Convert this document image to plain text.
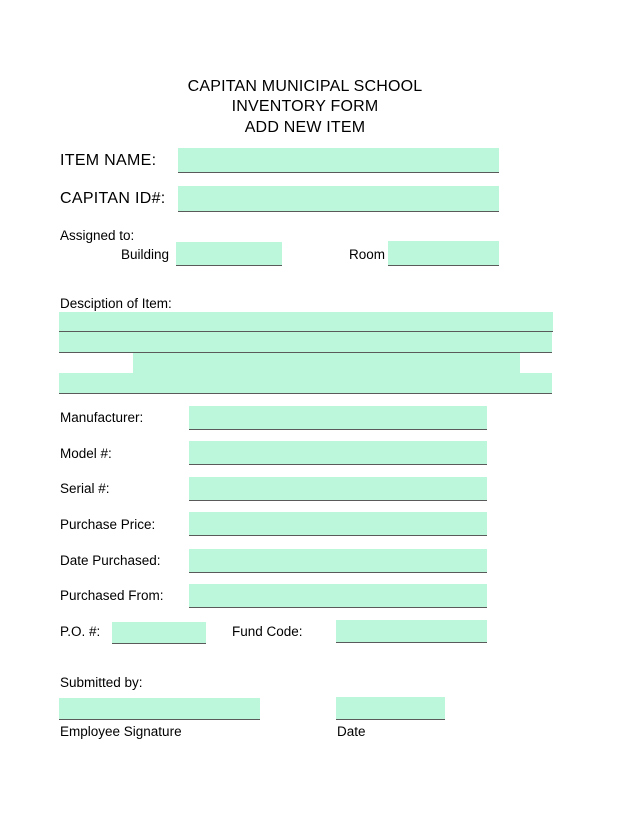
CAPITAN MUNICIPAL SCHOOL
INVENTORY FORM
ADD NEW ITEM
ITEM NAME:
CAPITAN ID#:
Assigned to:
Building	Room
Desciption of Item:
Manufacturer:
Model #:
Serial #:
Purchase Price:
Date Purchased:
Purchased From:
P.O. #:	Fund Code:
Submitted by:
Employee Signature	Date
